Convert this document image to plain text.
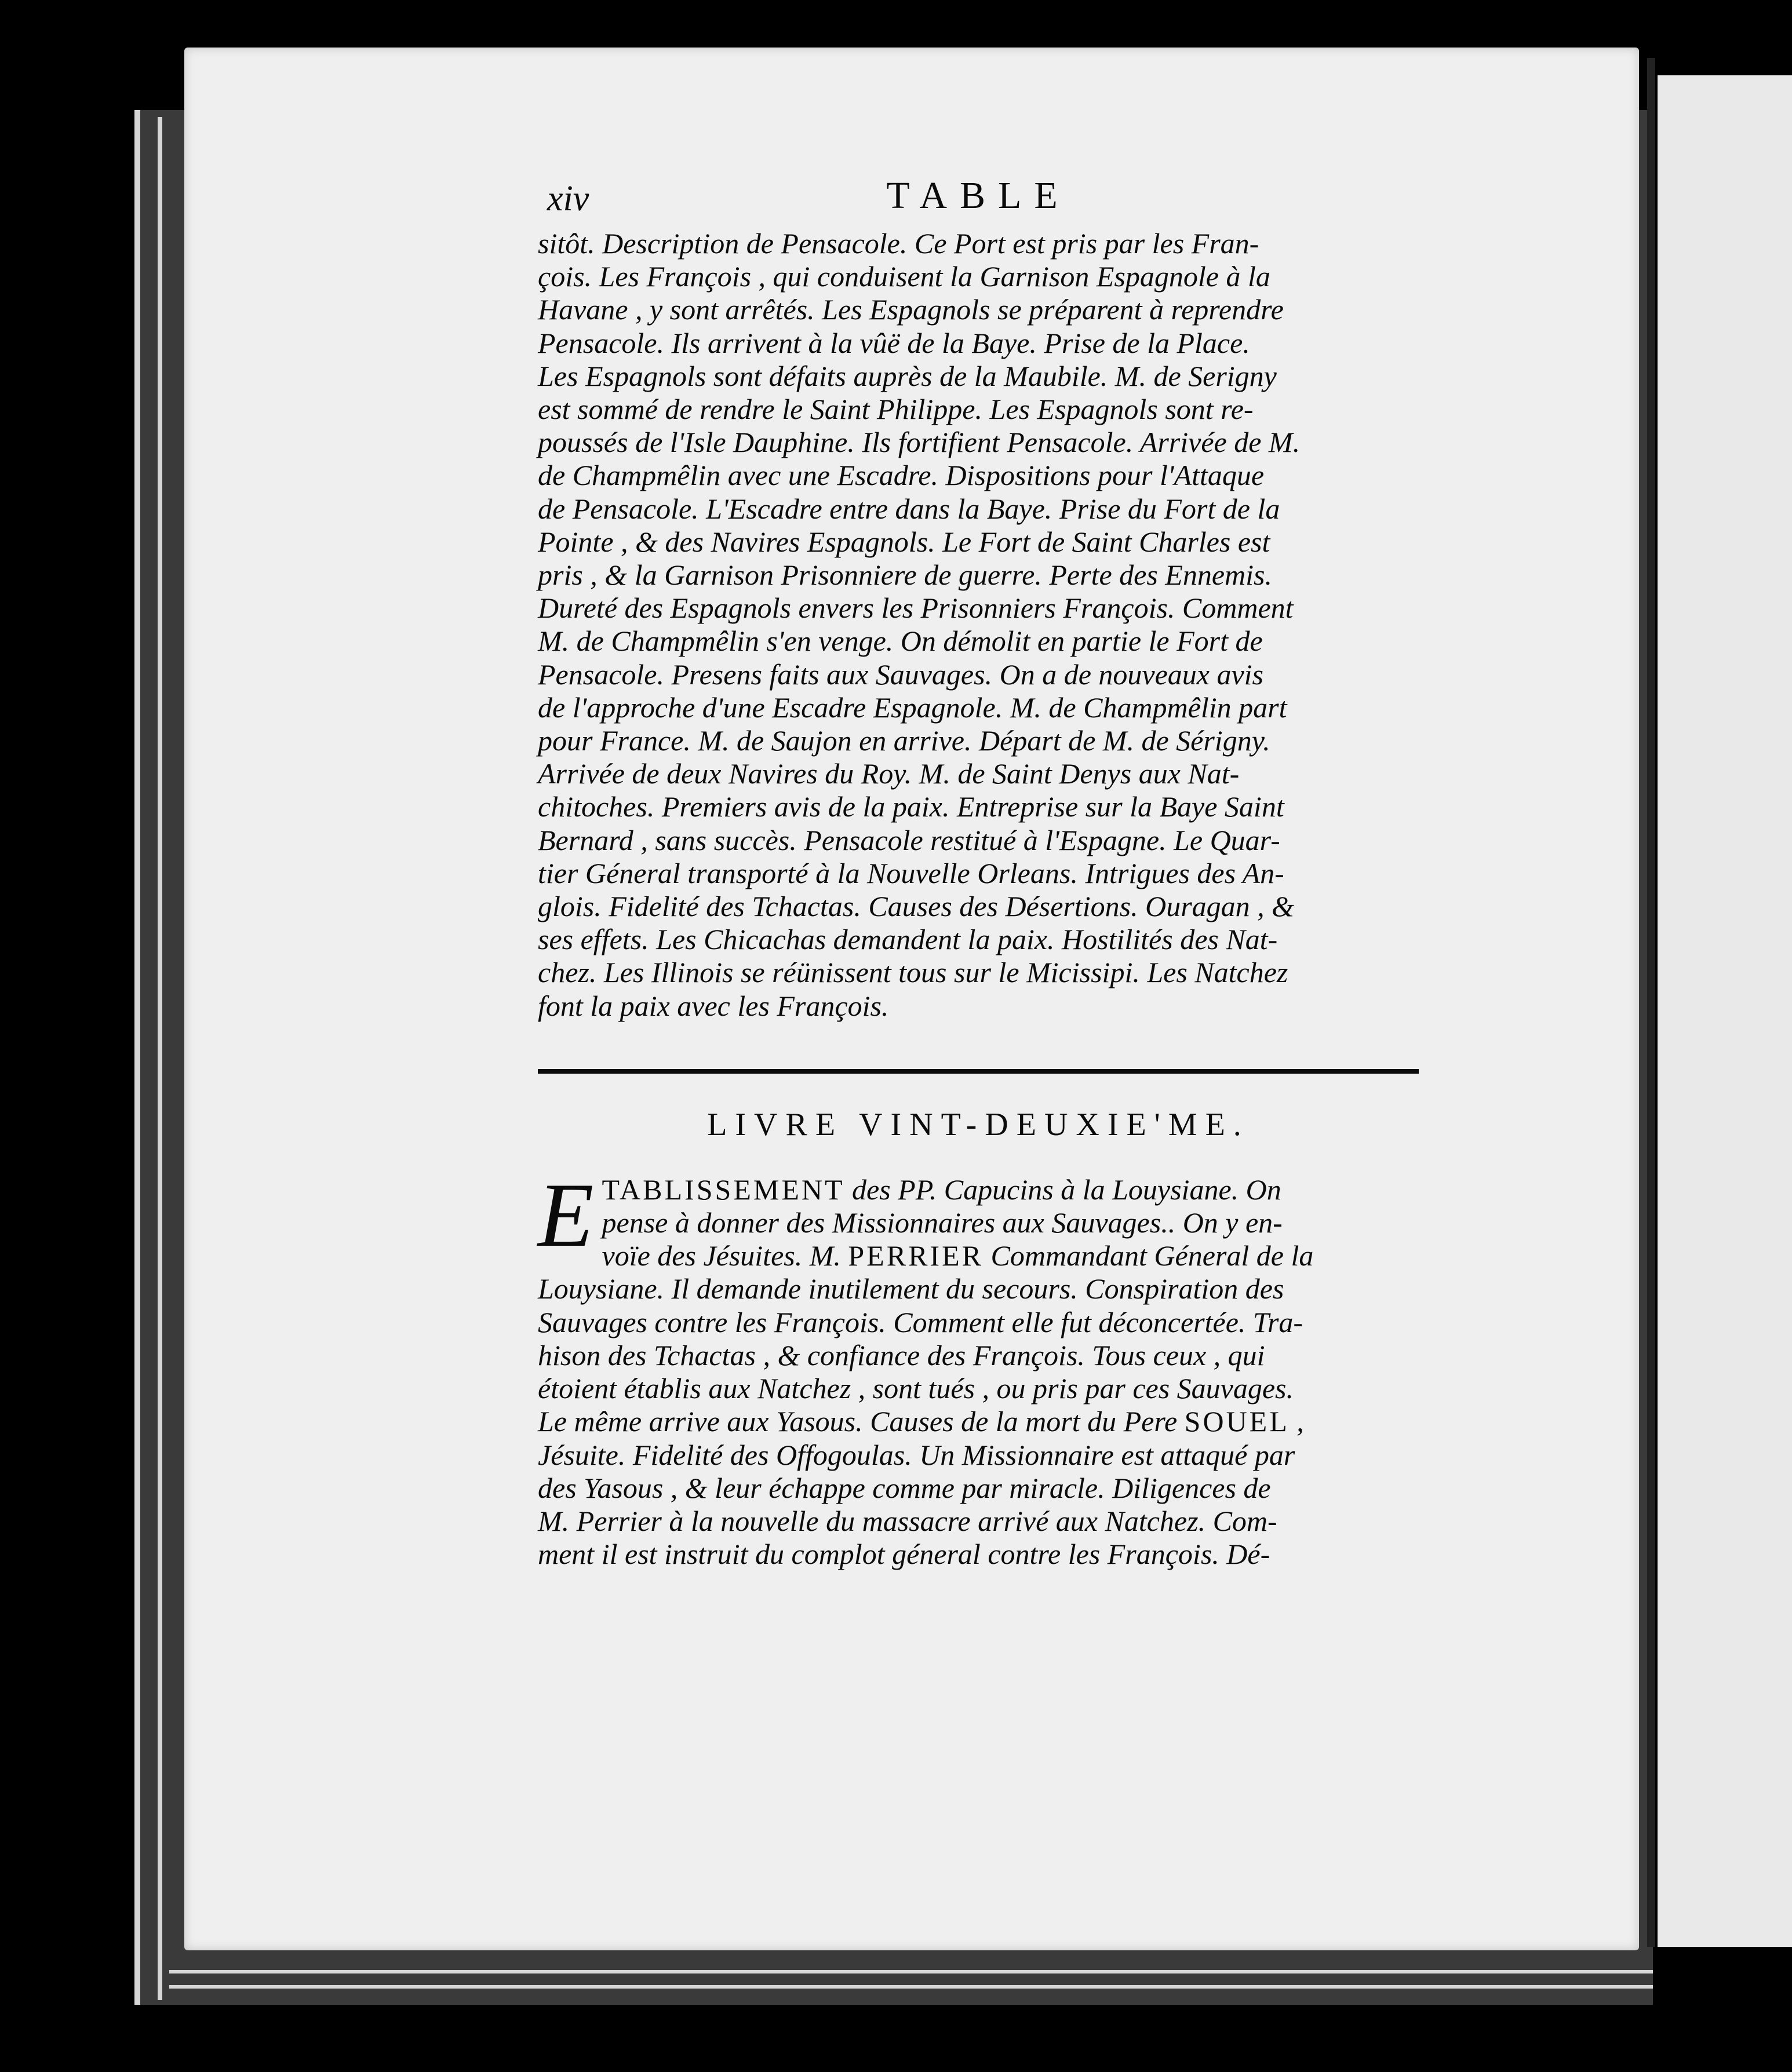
xiv	TABLE

sitôt. Description de Pensacole. Ce Port est pris par les Fran-
çois. Les François , qui conduisent la Garnison Espagnole à la
Havane , y sont arrêtés. Les Espagnols se préparent à reprendre
Pensacole. Ils arrivent à la vûë de la Baye. Prise de la Place.
Les Espagnols sont défaits auprès de la Maubile. M. de Serigny
est sommé de rendre le Saint Philippe. Les Espagnols sont re-
poussés de l'Isle Dauphine. Ils fortifient Pensacole. Arrivée de M.
de Champmêlin avec une Escadre. Dispositions pour l'Attaque
de Pensacole. L'Escadre entre dans la Baye. Prise du Fort de la
Pointe , & des Navires Espagnols. Le Fort de Saint Charles est
pris , & la Garnison Prisonniere de guerre. Perte des Ennemis.
Dureté des Espagnols envers les Prisonniers François. Comment
M. de Champmêlin s'en venge. On démolit en partie le Fort de
Pensacole. Presens faits aux Sauvages. On a de nouveaux avis
de l'approche d'une Escadre Espagnole. M. de Champmêlin part
pour France. M. de Saujon en arrive. Départ de M. de Sérigny.
Arrivée de deux Navires du Roy. M. de Saint Denys aux Nat-
chitoches. Premiers avis de la paix. Entreprise sur la Baye Saint
Bernard , sans succès. Pensacole restitué à l'Espagne. Le Quar-
tier Géneral transporté à la Nouvelle Orleans. Intrigues des An-
glois. Fidelité des Tchactas. Causes des Désertions. Ouragan , &
ses effets. Les Chicachas demandent la paix. Hostilités des Nat-
chez. Les Illinois se réünissent tous sur le Micissipi. Les Natchez
font la paix avec les François.

LIVRE VINT-DEUXIE'ME.

E TABLISSEMENT des PP. Capucins à la Louysiane. On
pense à donner des Missionnaires aux Sauvages.. On y en-
voïe des Jésuites. M. PERRIER Commandant Géneral de la
Louysiane. Il demande inutilement du secours. Conspiration des
Sauvages contre les François. Comment elle fut déconcertée. Tra-
hison des Tchactas , & confiance des François. Tous ceux , qui
étoient établis aux Natchez , sont tués , ou pris par ces Sauvages.
Le même arrive aux Yasous. Causes de la mort du Pere SOUEL ,
Jésuite. Fidelité des Offogoulas. Un Missionnaire est attaqué par
des Yasous , & leur échappe comme par miracle. Diligences de
M. Perrier à la nouvelle du massacre arrivé aux Natchez. Com-
ment il est instruit du complot géneral contre les François. Dé-
